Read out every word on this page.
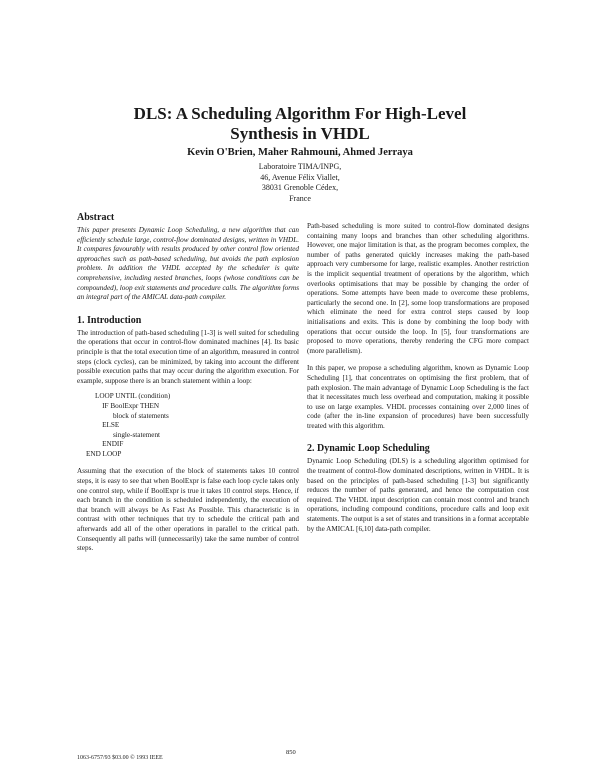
DLS: A Scheduling Algorithm For High-Level
Synthesis in VHDL
Kevin O'Brien, Maher Rahmouni, Ahmed Jerraya
Laboratoire TIMA/INPG,
46, Avenue Félix Viallet,
38031 Grenoble Cédex,
France
Abstract

This paper presents Dynamic Loop Scheduling, a new algorithm that can efficiently schedule large, control-flow dominated designs, written in VHDL. It compares favourably with results produced by other control flow oriented approaches such as path-based scheduling, but avoids the path explosion problem. In addition the VHDL accepted by the scheduler is quite comprehensive, including nested branches, loops (whose conditions can be compounded), loop exit statements and procedure calls. The algorithm forms an integral part of the AMICAL data-path compiler.

1. Introduction

The introduction of path-based scheduling [1-3] is well suited for scheduling the operations that occur in control-flow dominated machines [4]. Its basic principle is that the total execution time of an algorithm, measured in control steps (clock cycles), can be minimized, by taking into account the different possible execution paths that may occur during the algorithm execution. For example, suppose there is an branch statement within a loop:

LOOP UNTIL (condition)
IF BoolExpr THEN
block of statements
ELSE
single-statement
ENDIF
END LOOP

Assuming that the execution of the block of statements takes 10 control steps, it is easy to see that when BoolExpr is false each loop cycle takes only one control step, while if BoolExpr is true it takes 10 control steps. Hence, if each branch in the condition is scheduled independently, the execution of that branch will always be As Fast As Possible. This characteristic is in contrast with other techniques that try to schedule the critical path and afterwards add all of the other operations in parallel to the critical path. Consequently all paths will (unnecessarily) take the same number of control steps.

Path-based scheduling is more suited to control-flow dominated designs containing many loops and branches than other scheduling algorithms. However, one major limitation is that, as the program becomes complex, the number of paths generated quickly increases making the path-based approach very cumbersome for large, realistic examples. Another restriction is the implicit sequential treatment of operations by the algorithm, which overlooks optimisations that may be possible by changing the order of operations. Some attempts have been made to overcome these problems, particularly the second one. In [2], some loop transformations are proposed which eliminate the need for extra control steps caused by loop initialisations and exits. This is done by combining the loop body with operations that occur outside the loop. In [5], four transformations are proposed to move operations, thereby rendering the CFG more compact (more parallelism).

In this paper, we propose a scheduling algorithm, known as Dynamic Loop Scheduling [1], that concentrates on optimising the first problem, that of path explosion. The main advantage of Dynamic Loop Scheduling is the fact that it necessitates much less overhead and computation, making it possible to use on large examples. VHDL processes containing over 2,000 lines of code (after the in-line expansion of procedures) have been successfully treated with this algorithm.

2. Dynamic Loop Scheduling

Dynamic Loop Scheduling (DLS) is a scheduling algorithm optimised for the treatment of control-flow dominated descriptions, written in VHDL. It is based on the principles of path-based scheduling [1-3] but significantly reduces the number of paths generated, and hence the computation cost required. The VHDL input description can contain most control and branch operations, including compound conditions, procedure calls and loop exit statements. The output is a set of states and transitions in a format acceptable by the AMICAL [6,10] data-path compiler.

850
1063-6757/93 $03.00 © 1993 IEEE
